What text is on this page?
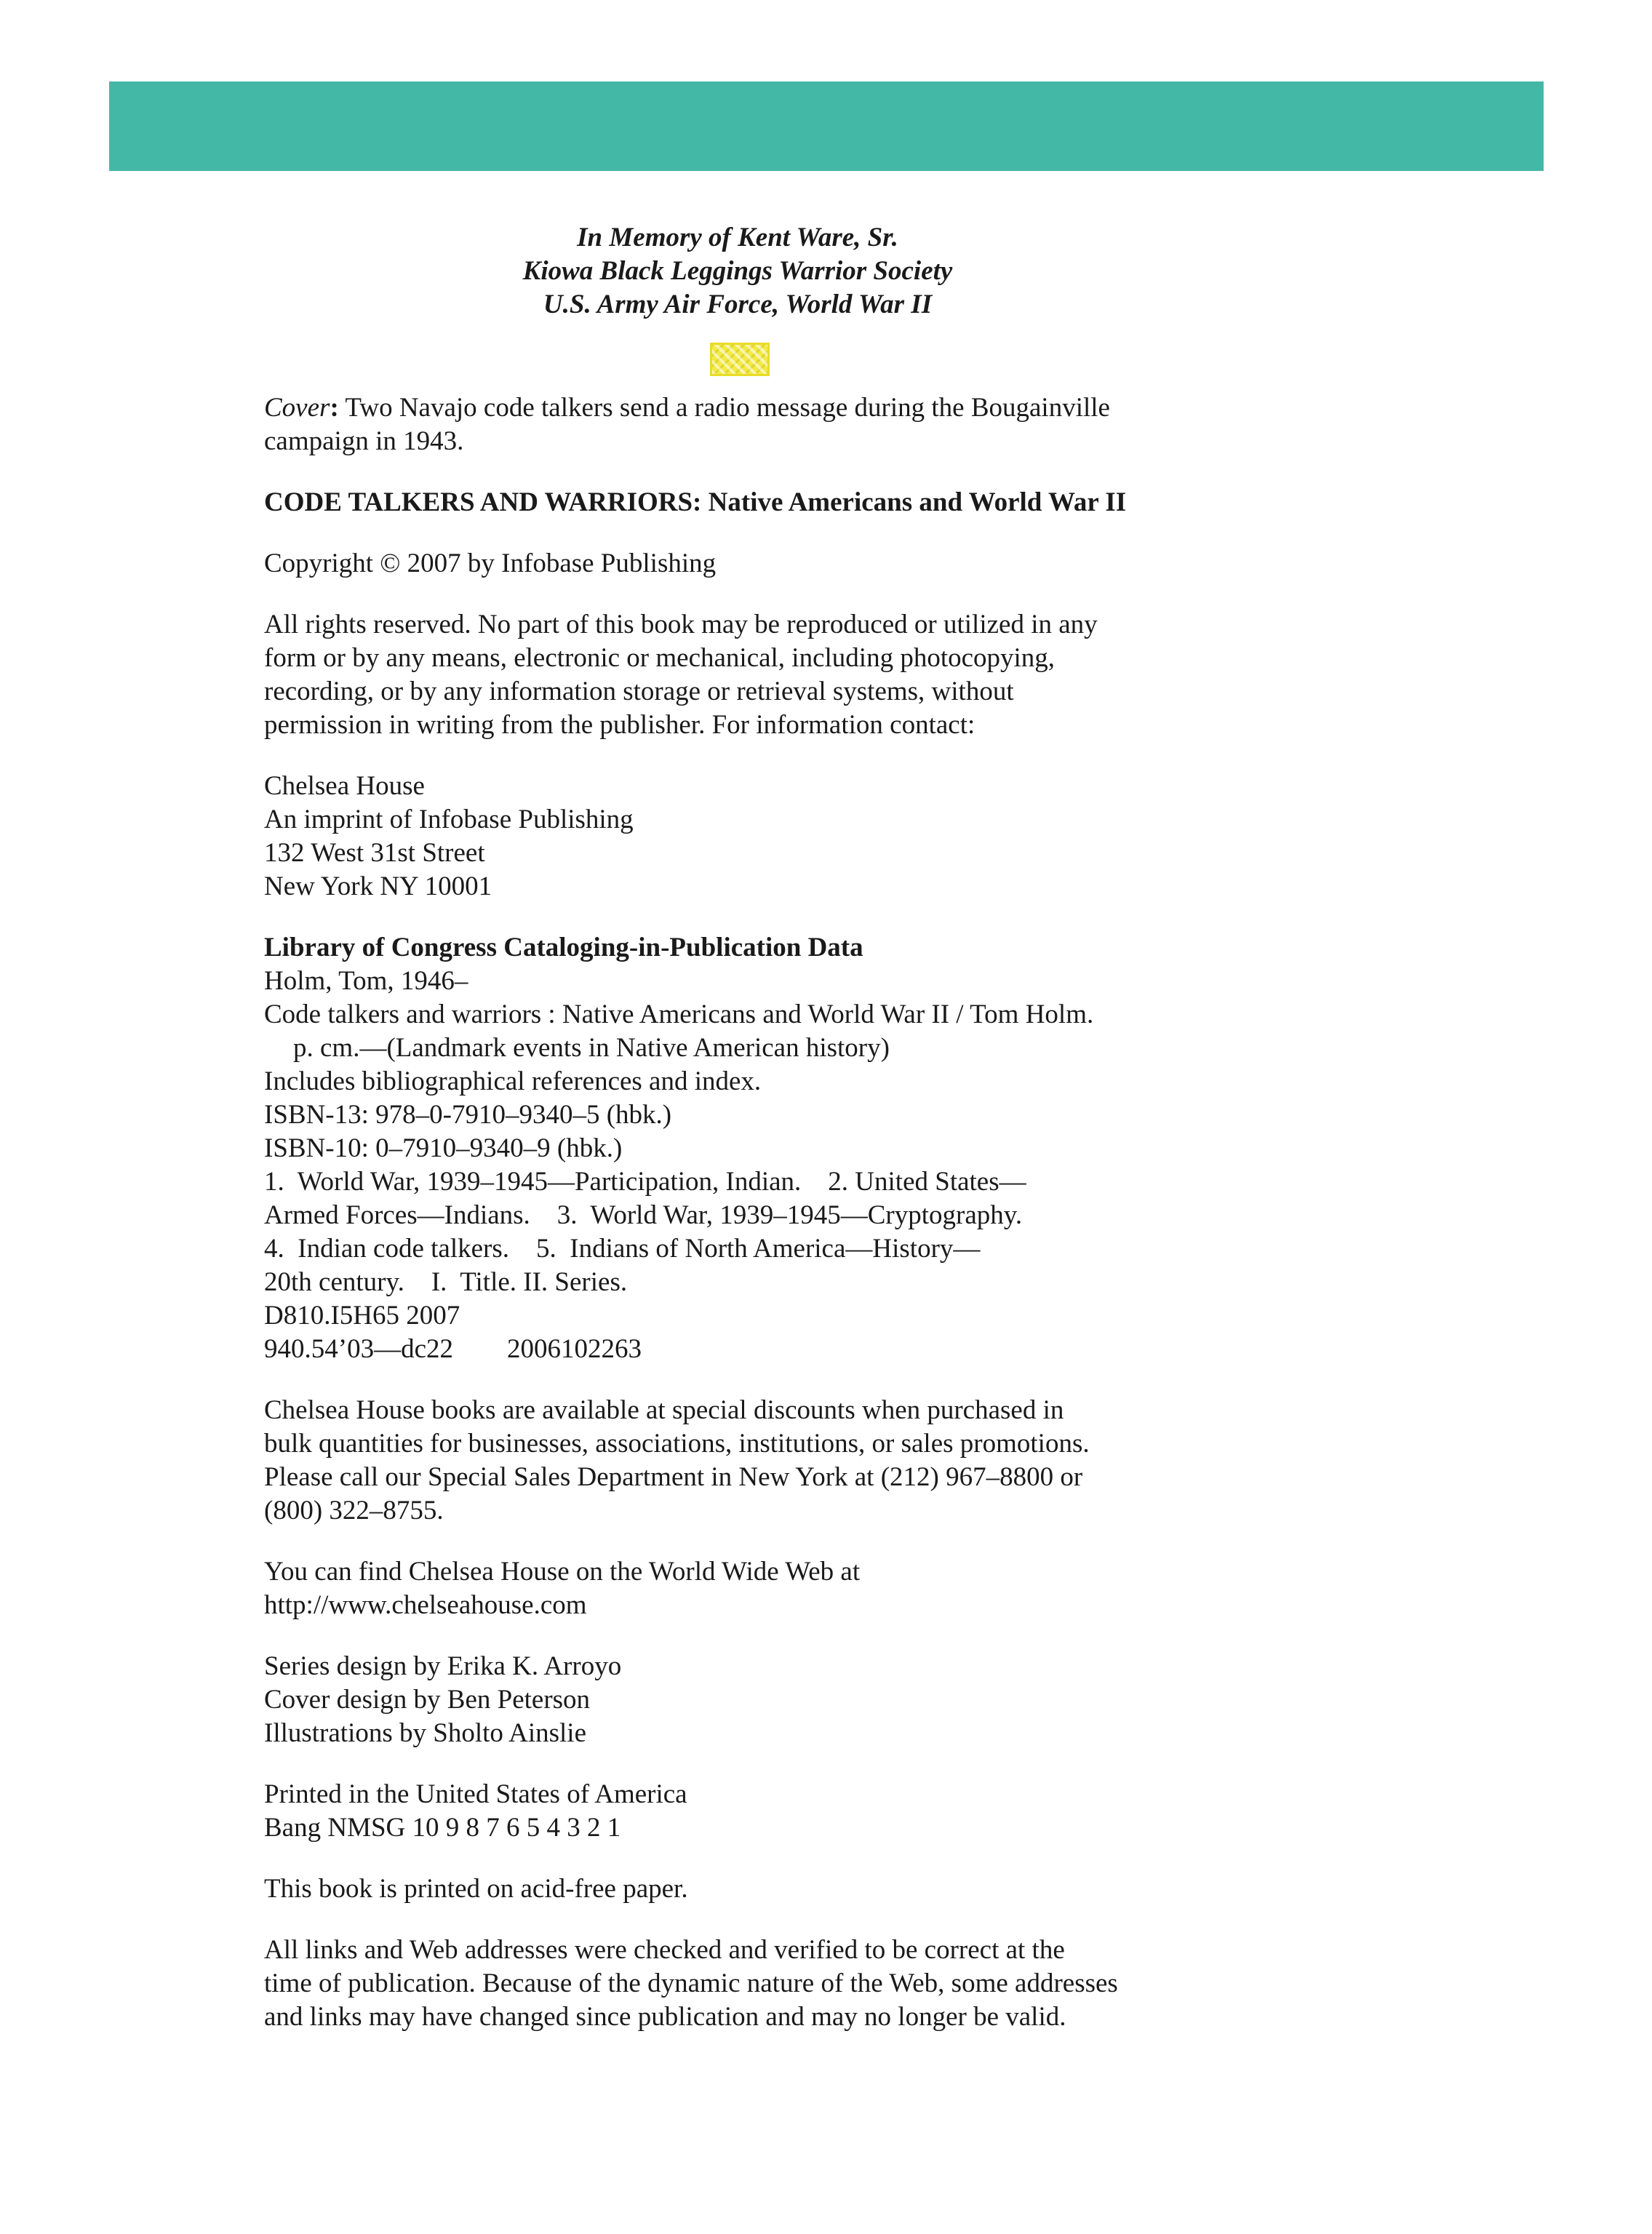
In Memory of Kent Ware, Sr.
Kiowa Black Leggings Warrior Society
U.S. Army Air Force, World War II

Cover: Two Navajo code talkers send a radio message during the Bougainville
campaign in 1943.

CODE TALKERS AND WARRIORS: Native Americans and World War II

Copyright © 2007 by Infobase Publishing

All rights reserved. No part of this book may be reproduced or utilized in any
form or by any means, electronic or mechanical, including photocopying,
recording, or by any information storage or retrieval systems, without
permission in writing from the publisher. For information contact:

Chelsea House
An imprint of Infobase Publishing
132 West 31st Street
New York NY 10001

Library of Congress Cataloging-in-Publication Data
Holm, Tom, 1946–
Code talkers and warriors : Native Americans and World War II / Tom Holm.
p. cm.—(Landmark events in Native American history)
Includes bibliographical references and index.
ISBN-13: 978–0-7910–9340–5 (hbk.)
ISBN-10: 0–7910–9340–9 (hbk.)
1.  World War, 1939–1945—Participation, Indian.    2. United States—
Armed Forces—Indians.    3.  World War, 1939–1945—Cryptography.
4.  Indian code talkers.    5.  Indians of North America—History—
20th century.    I.  Title. II. Series.
D810.I5H65 2007
940.54’03—dc22        2006102263

Chelsea House books are available at special discounts when purchased in
bulk quantities for businesses, associations, institutions, or sales promotions.
Please call our Special Sales Department in New York at (212) 967–8800 or
(800) 322–8755.

You can find Chelsea House on the World Wide Web at
http://www.chelseahouse.com

Series design by Erika K. Arroyo
Cover design by Ben Peterson
Illustrations by Sholto Ainslie

Printed in the United States of America
Bang NMSG 10 9 8 7 6 5 4 3 2 1

This book is printed on acid-free paper.

All links and Web addresses were checked and verified to be correct at the
time of publication. Because of the dynamic nature of the Web, some addresses
and links may have changed since publication and may no longer be valid.
